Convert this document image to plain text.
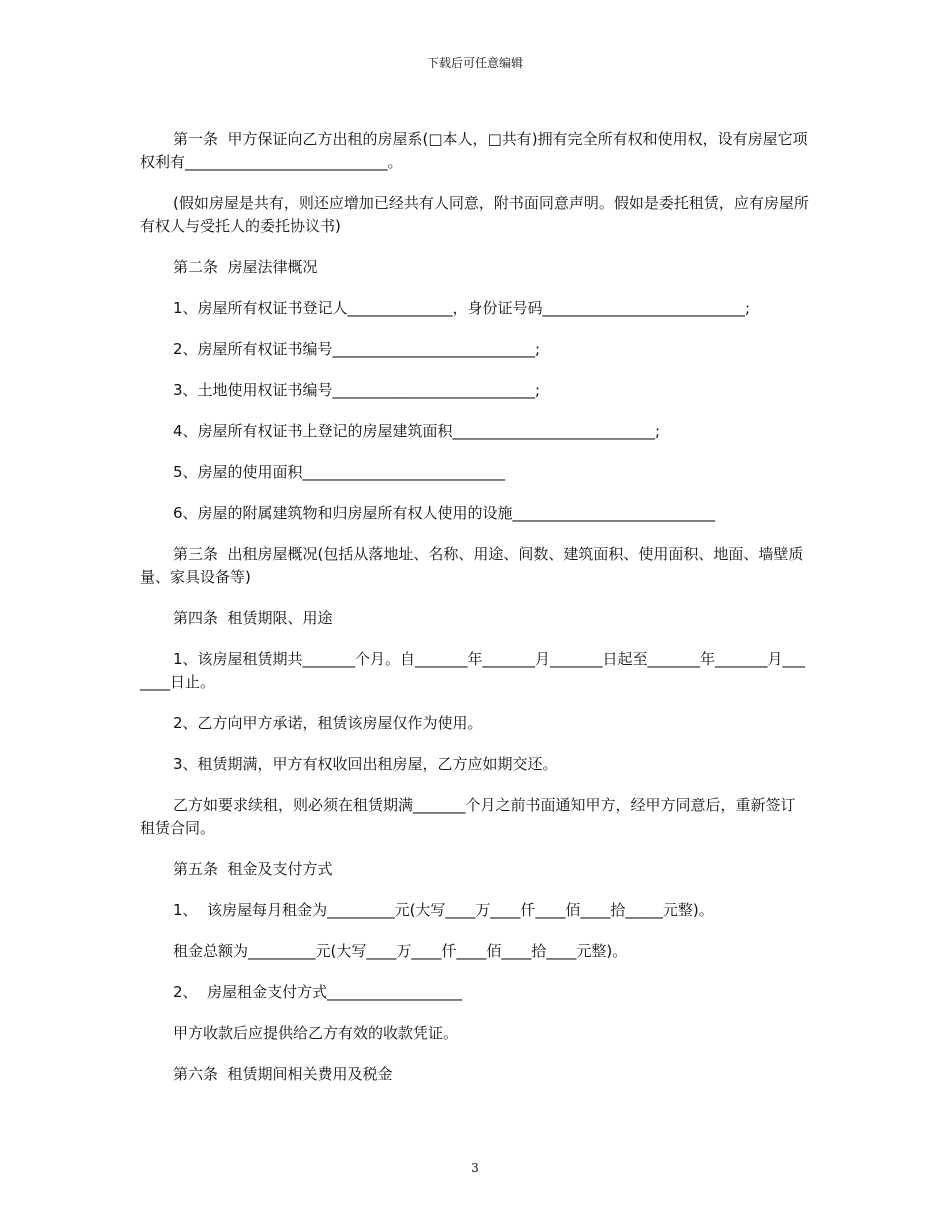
下载后可任意编辑

第一条  甲方保证向乙方出租的房屋系(□本人，□共有)拥有完全所有权和使用权，设有房屋它项权利有___________________________。

(假如房屋是共有，则还应增加已经共有人同意，附书面同意声明。假如是委托租赁，应有房屋所有权人与受托人的委托协议书)

第二条  房屋法律概况

1、房屋所有权证书登记人______________，身份证号码___________________________;

2、房屋所有权证书编号___________________________;

3、土地使用权证书编号___________________________;

4、房屋所有权证书上登记的房屋建筑面积___________________________;

5、房屋的使用面积___________________________

6、房屋的附属建筑物和归房屋所有权人使用的设施___________________________

第三条  出租房屋概况(包括从落地址、名称、用途、间数、建筑面积、使用面积、地面、墙壁质量、家具设备等)

第四条  租赁期限、用途

1、该房屋租赁期共_______个月。自_______年_______月_______日起至_______年_______月_______日止。

2、乙方向甲方承诺，租赁该房屋仅作为使用。

3、租赁期满，甲方有权收回出租房屋，乙方应如期交还。

乙方如要求续租，则必须在租赁期满_______个月之前书面通知甲方，经甲方同意后，重新签订租赁合同。

第五条  租金及支付方式

1、  该房屋每月租金为_________元(大写____万____仟____佰____拾_____元整)。

租金总额为_________元(大写____万____仟____佰____拾____元整)。

2、  房屋租金支付方式__________________

甲方收款后应提供给乙方有效的收款凭证。

第六条  租赁期间相关费用及税金

3
